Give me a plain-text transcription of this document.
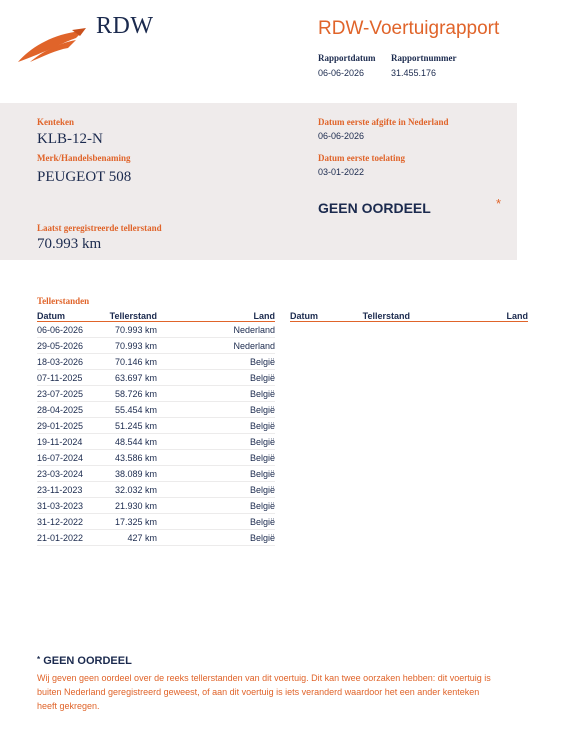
RDW	RDW-Voertuigrapport
Rapportdatum
06-06-2026
Rapportnummer
31.455.176
Kenteken
KLB-12-N
Merk/Handelsbenaming
PEUGEOT 508
Laatst geregistreerde tellerstand
70.993 km
Datum eerste afgifte in Nederland
06-06-2026
Datum eerste toelating
03-01-2022
GEEN OORDEEL	*
Tellerstanden
Datum	Tellerstand	Land
06-06-2026	70.993 km	Nederland
29-05-2026	70.993 km	Nederland
18-03-2026	70.146 km	België
07-11-2025	63.697 km	België
23-07-2025	58.726 km	België
28-04-2025	55.454 km	België
29-01-2025	51.245 km	België
19-11-2024	48.544 km	België
16-07-2024	43.586 km	België
23-03-2024	38.089 km	België
23-11-2023	32.032 km	België
31-03-2023	21.930 km	België
31-12-2022	17.325 km	België
21-01-2022	427 km	België
Datum	Tellerstand	Land
* GEEN OORDEEL
Wij geven geen oordeel over de reeks tellerstanden van dit voertuig. Dit kan twee oorzaken hebben: dit voertuig is buiten Nederland geregistreerd geweest, of aan dit voertuig is iets veranderd waardoor het een ander kenteken heeft gekregen.
